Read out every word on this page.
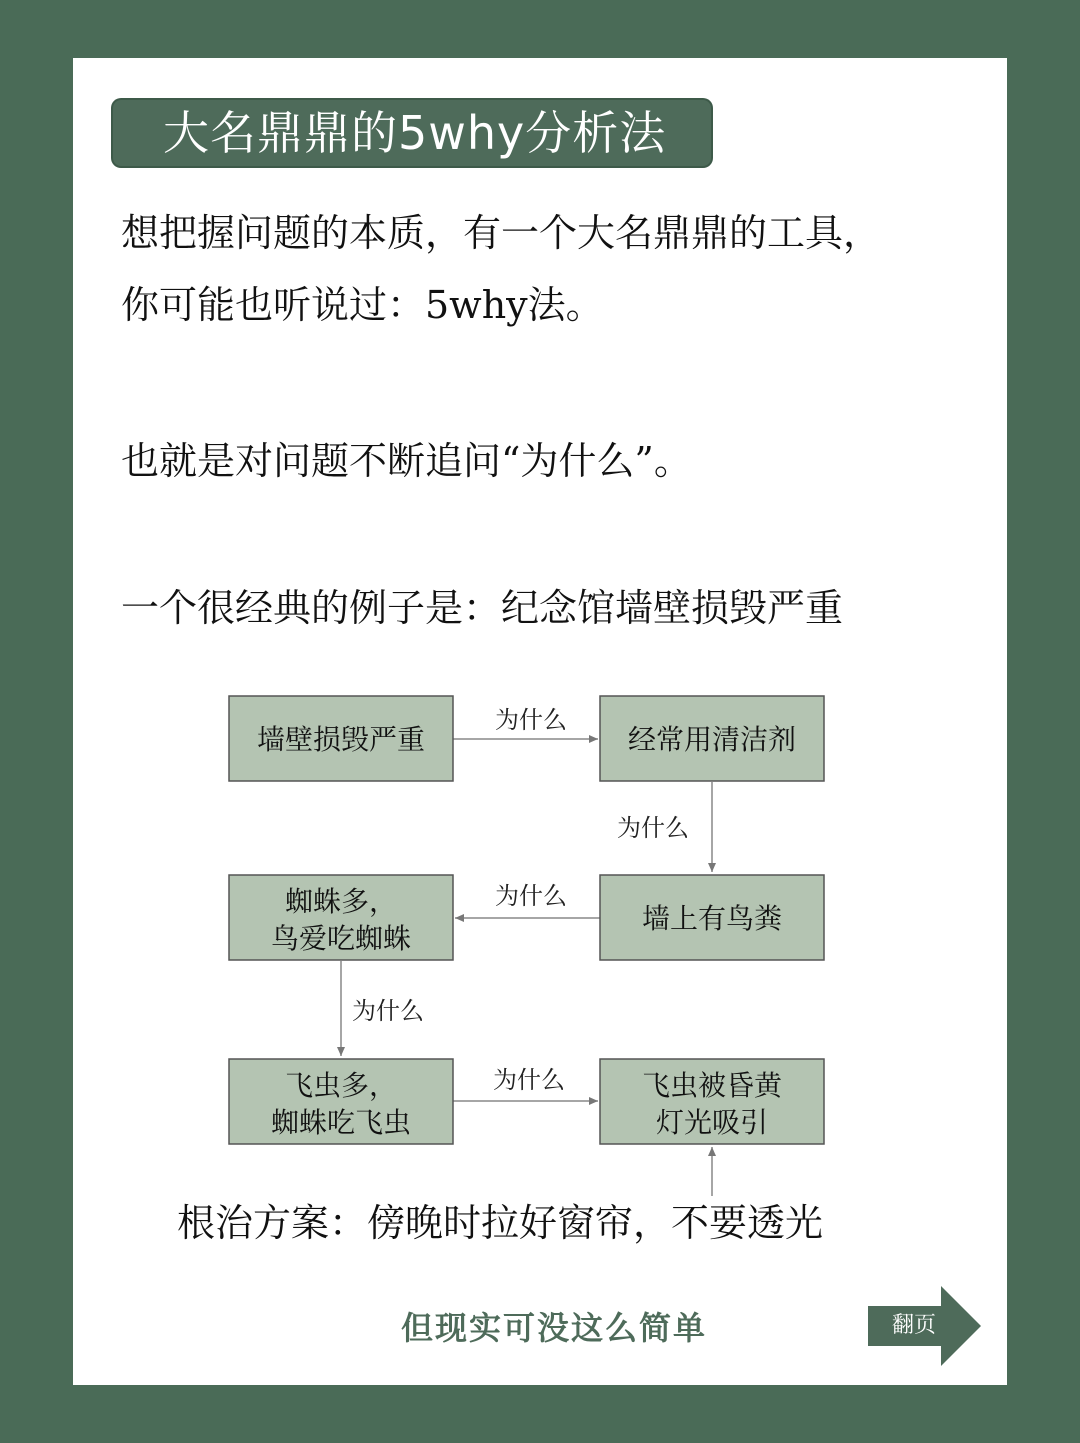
大名鼎鼎的5why分析法
想把握问题的本质，有一个大名鼎鼎的工具，
你可能也听说过：5why法。
也就是对问题不断追问“为什么”。
一个很经典的例子是：纪念馆墙壁损毁严重
为什么
为什么
为什么
为什么
为什么
墙壁损毁严重	经常用清洁剂
墙上有鸟粪
蜘蛛多，
鸟爱吃蜘蛛
飞虫多，
蜘蛛吃飞虫
飞虫被昏黄
灯光吸引
根治方案：傍晚时拉好窗帘，不要透光
但现实可没这么简单	翻页
